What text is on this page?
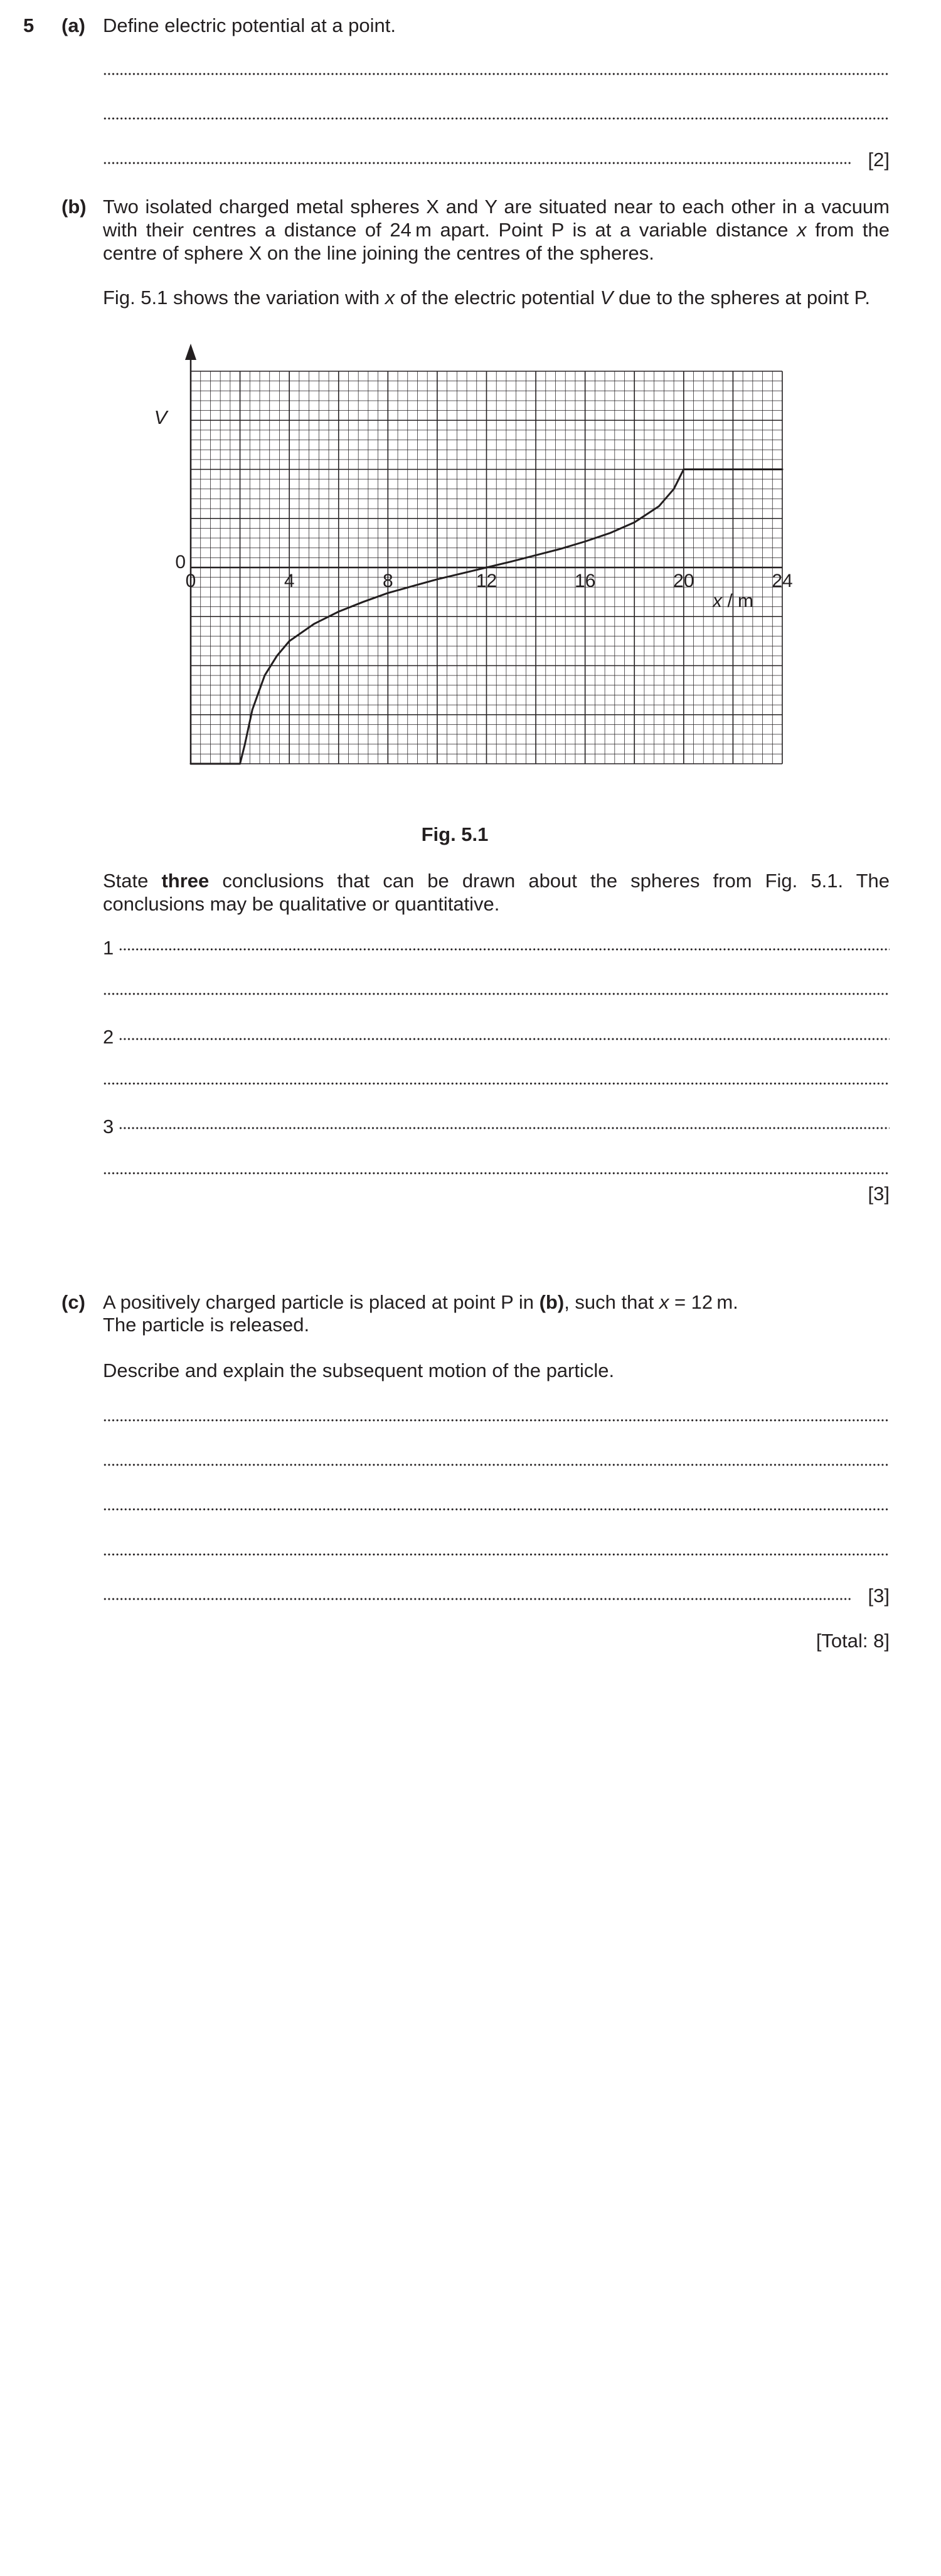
5 (a) Define electric potential at a point.
[2]
(b) Two isolated charged metal spheres X and Y are situated near to each other in a vacuum with their centres a distance of 24 m apart. Point P is at a variable distance x from the centre of sphere X on the line joining the centres of the spheres.
Fig. 5.1 shows the variation with x of the electric potential V due to the spheres at point P.
0	4	8	12	16	20	24
0
V
x / m
Fig. 5.1
State three conclusions that can be drawn about the spheres from Fig. 5.1. The conclusions may be qualitative or quantitative.
1
2
3
[3]
(c) A positively charged particle is placed at point P in (b), such that x = 12 m.
The particle is released.
Describe and explain the subsequent motion of the particle.
[3]
[Total: 8]
